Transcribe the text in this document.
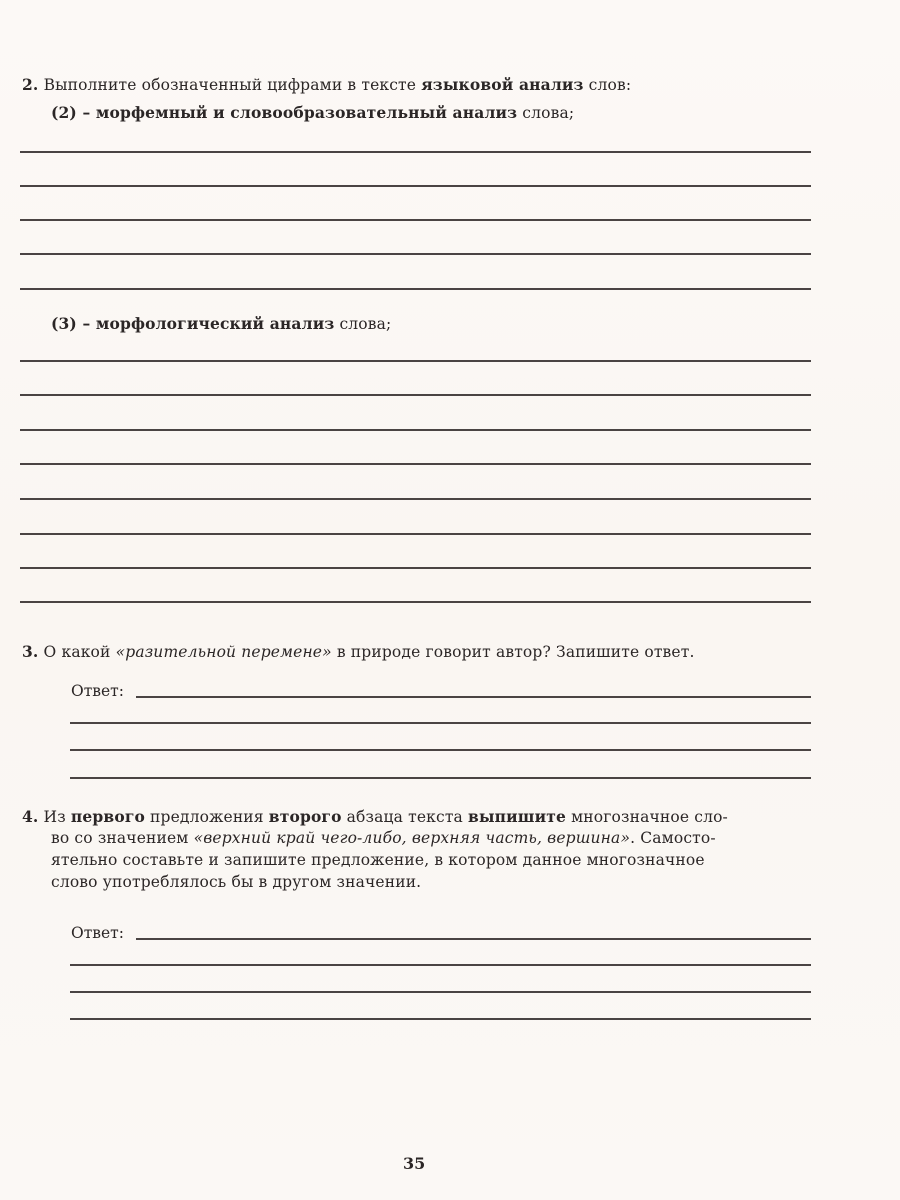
2. Выполните обозначенный цифрами в тексте языковой анализ слов:
(2) – морфемный и словообразовательный анализ слова;
(3) – морфологический анализ слова;
3. О какой «разительной перемене» в природе говорит автор? Запишите ответ.
Ответ:
4. Из первого предложения второго абзаца текста выпишите многозначное сло-
во со значением «верхний край чего-либо, верхняя часть, вершина». Самосто-
ятельно составьте и запишите предложение, в котором данное многозначное
слово употреблялось бы в другом значении.
Ответ:
35
